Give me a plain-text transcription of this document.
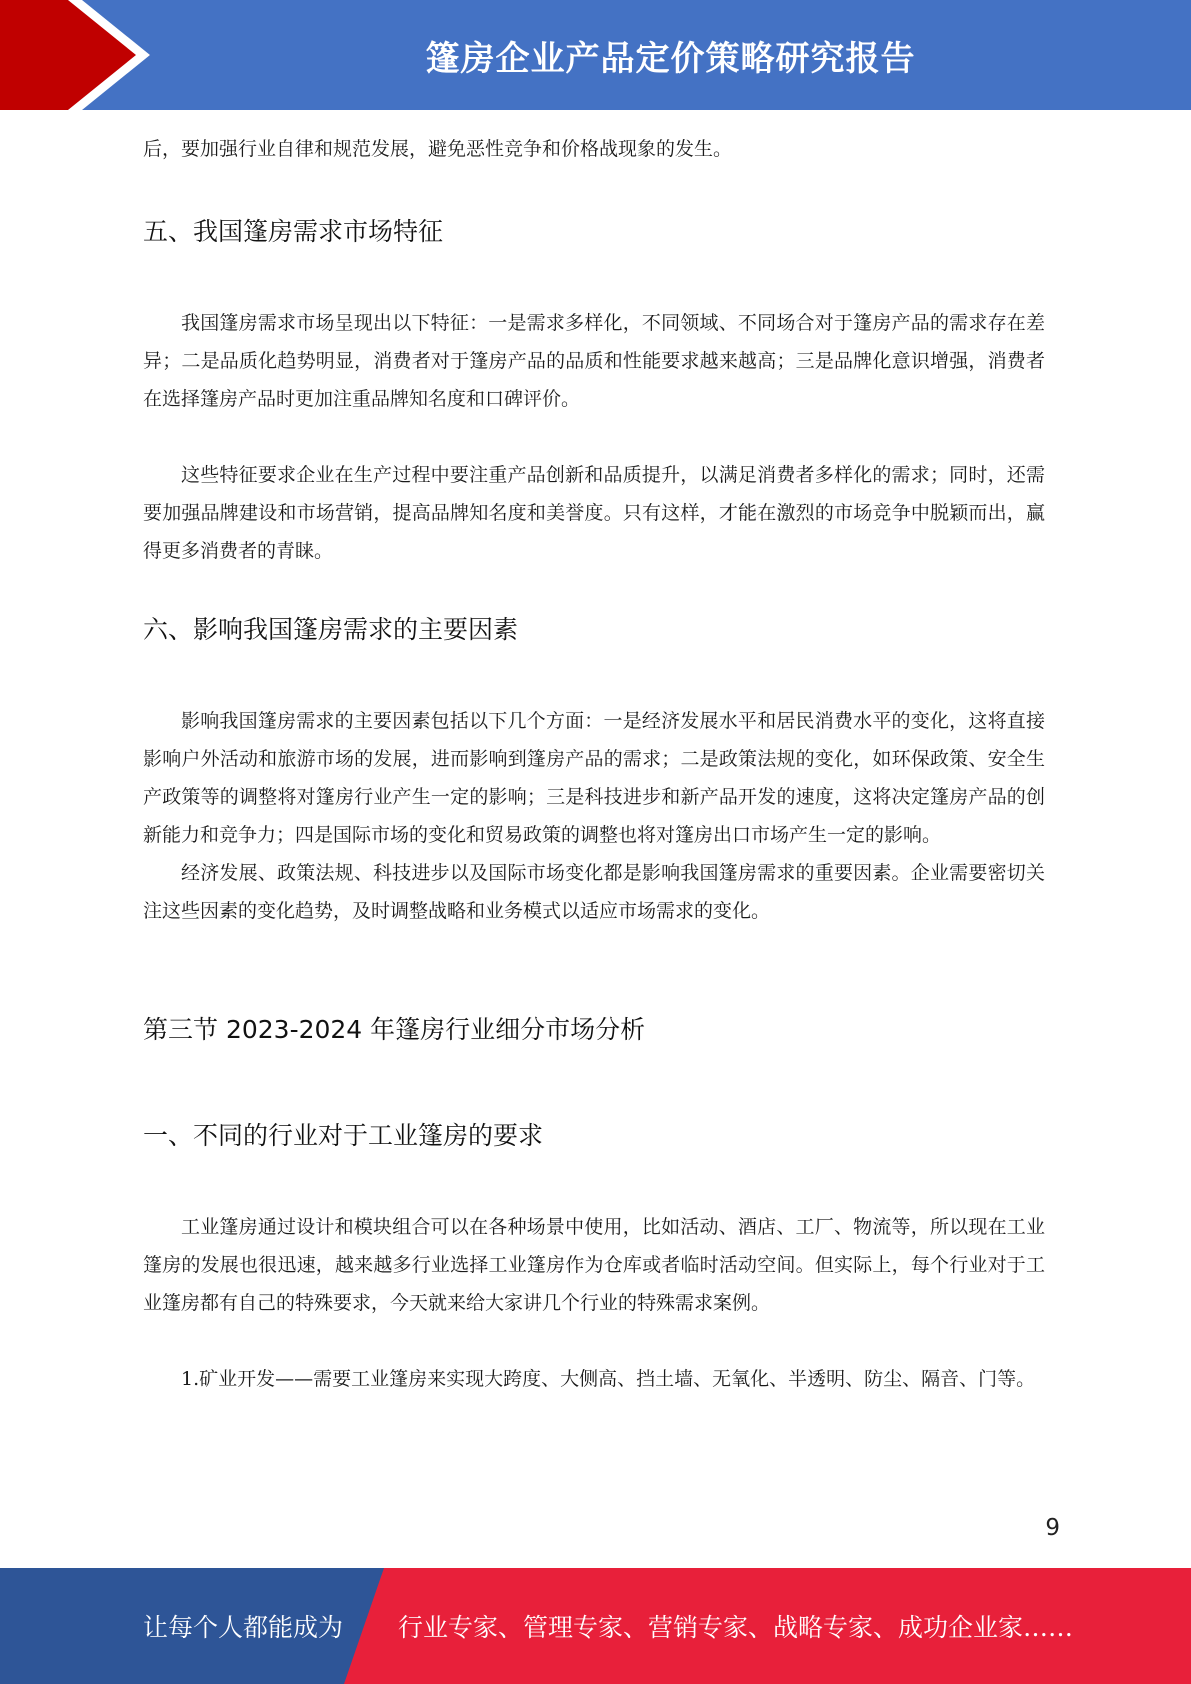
篷房企业产品定价策略研究报告

后，要加强行业自律和规范发展，避免恶性竞争和价格战现象的发生。

五、我国篷房需求市场特征

我国篷房需求市场呈现出以下特征：一是需求多样化，不同领域、不同场合对于篷房产品的需求存在差异；二是品质化趋势明显，消费者对于篷房产品的品质和性能要求越来越高；三是品牌化意识增强，消费者在选择篷房产品时更加注重品牌知名度和口碑评价。

这些特征要求企业在生产过程中要注重产品创新和品质提升，以满足消费者多样化的需求；同时，还需要加强品牌建设和市场营销，提高品牌知名度和美誉度。只有这样，才能在激烈的市场竞争中脱颖而出，赢得更多消费者的青睐。

六、影响我国篷房需求的主要因素

影响我国篷房需求的主要因素包括以下几个方面：一是经济发展水平和居民消费水平的变化，这将直接影响户外活动和旅游市场的发展，进而影响到篷房产品的需求；二是政策法规的变化，如环保政策、安全生产政策等的调整将对篷房行业产生一定的影响；三是科技进步和新产品开发的速度，这将决定篷房产品的创新能力和竞争力；四是国际市场的变化和贸易政策的调整也将对篷房出口市场产生一定的影响。

经济发展、政策法规、科技进步以及国际市场变化都是影响我国篷房需求的重要因素。企业需要密切关注这些因素的变化趋势，及时调整战略和业务模式以适应市场需求的变化。

第三节 2023-2024 年篷房行业细分市场分析
一、不同的行业对于工业篷房的要求

工业篷房通过设计和模块组合可以在各种场景中使用，比如活动、酒店、工厂、物流等，所以现在工业篷房的发展也很迅速，越来越多行业选择工业篷房作为仓库或者临时活动空间。但实际上，每个行业对于工业篷房都有自己的特殊要求，今天就来给大家讲几个行业的特殊需求案例。

1.矿业开发——需要工业篷房来实现大跨度、大侧高、挡土墙、无氧化、半透明、防尘、隔音、门等。

9
让每个人都能成为 行业专家、管理专家、营销专家、战略专家、成功企业家……
